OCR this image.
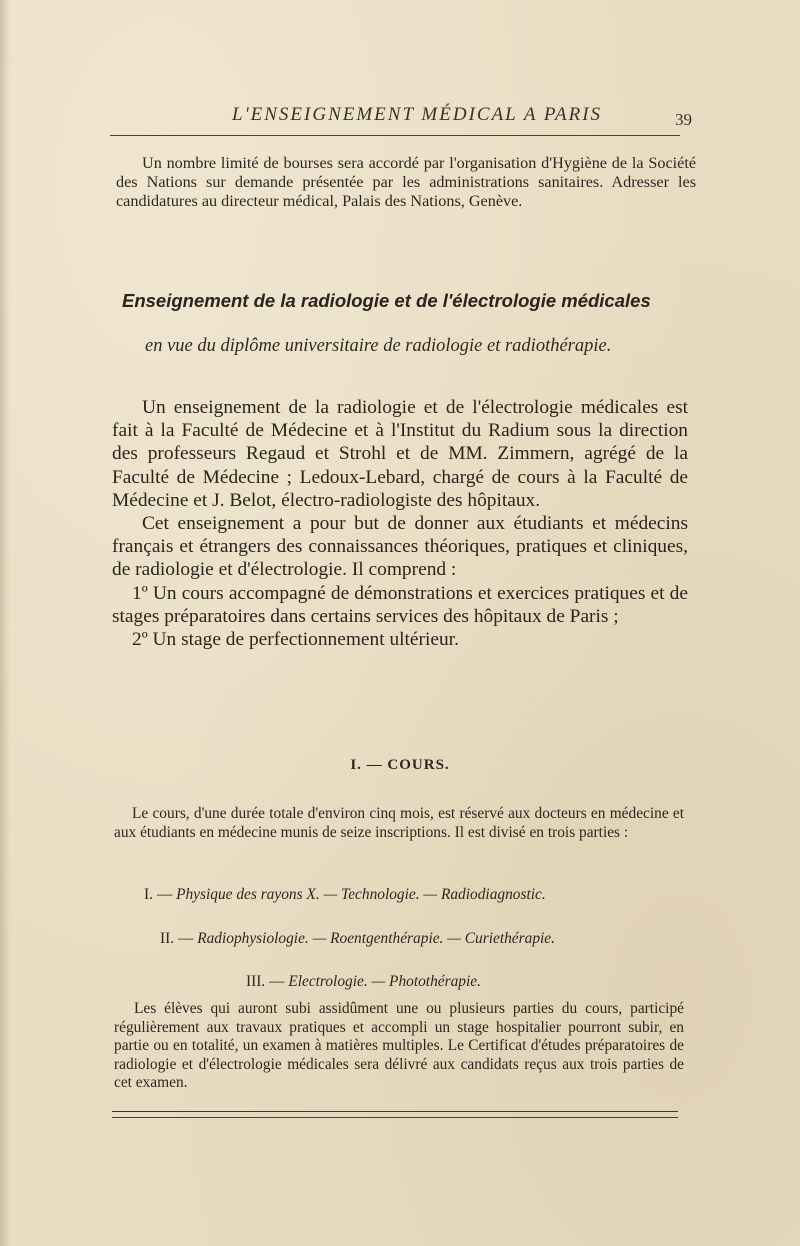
L'ENSEIGNEMENT MÉDICAL A PARIS	39

Un nombre limité de bourses sera accordé par l'organisation d'Hygiène de la Société des Nations sur demande présentée par les administrations sanitaires. Adresser les candidatures au directeur médical, Palais des Nations, Genève.

Enseignement de la radiologie et de l'électrologie médicales

en vue du diplôme universitaire de radiologie et radiothérapie.

Un enseignement de la radiologie et de l'électrologie médicales est fait à la Faculté de Médecine et à l'Institut du Radium sous la direction des professeurs Regaud et Strohl et de MM. Zimmern, agrégé de la Faculté de Médecine ; Ledoux-Lebard, chargé de cours à la Faculté de Médecine et J. Belot, électro-radiologiste des hôpitaux.

Cet enseignement a pour but de donner aux étudiants et médecins français et étrangers des connaissances théoriques, pratiques et cliniques, de radiologie et d'électrologie. Il comprend :

1º Un cours accompagné de démonstrations et exercices pratiques et de stages préparatoires dans certains services des hôpitaux de Paris ;

2º Un stage de perfectionnement ultérieur.

I. — COURS.

Le cours, d'une durée totale d'environ cinq mois, est réservé aux docteurs en médecine et aux étudiants en médecine munis de seize inscriptions. Il est divisé en trois parties :

I. — Physique des rayons X. — Technologie. — Radiodiagnostic.
II. — Radiophysiologie. — Roentgenthérapie. — Curiethérapie.
III. — Electrologie. — Photothérapie.

Les élèves qui auront subi assidûment une ou plusieurs parties du cours, participé régulièrement aux travaux pratiques et accompli un stage hospitalier pourront subir, en partie ou en totalité, un examen à matières multiples. Le Certificat d'études préparatoires de radiologie et d'électrologie médicales sera délivré aux candidats reçus aux trois parties de cet examen.
